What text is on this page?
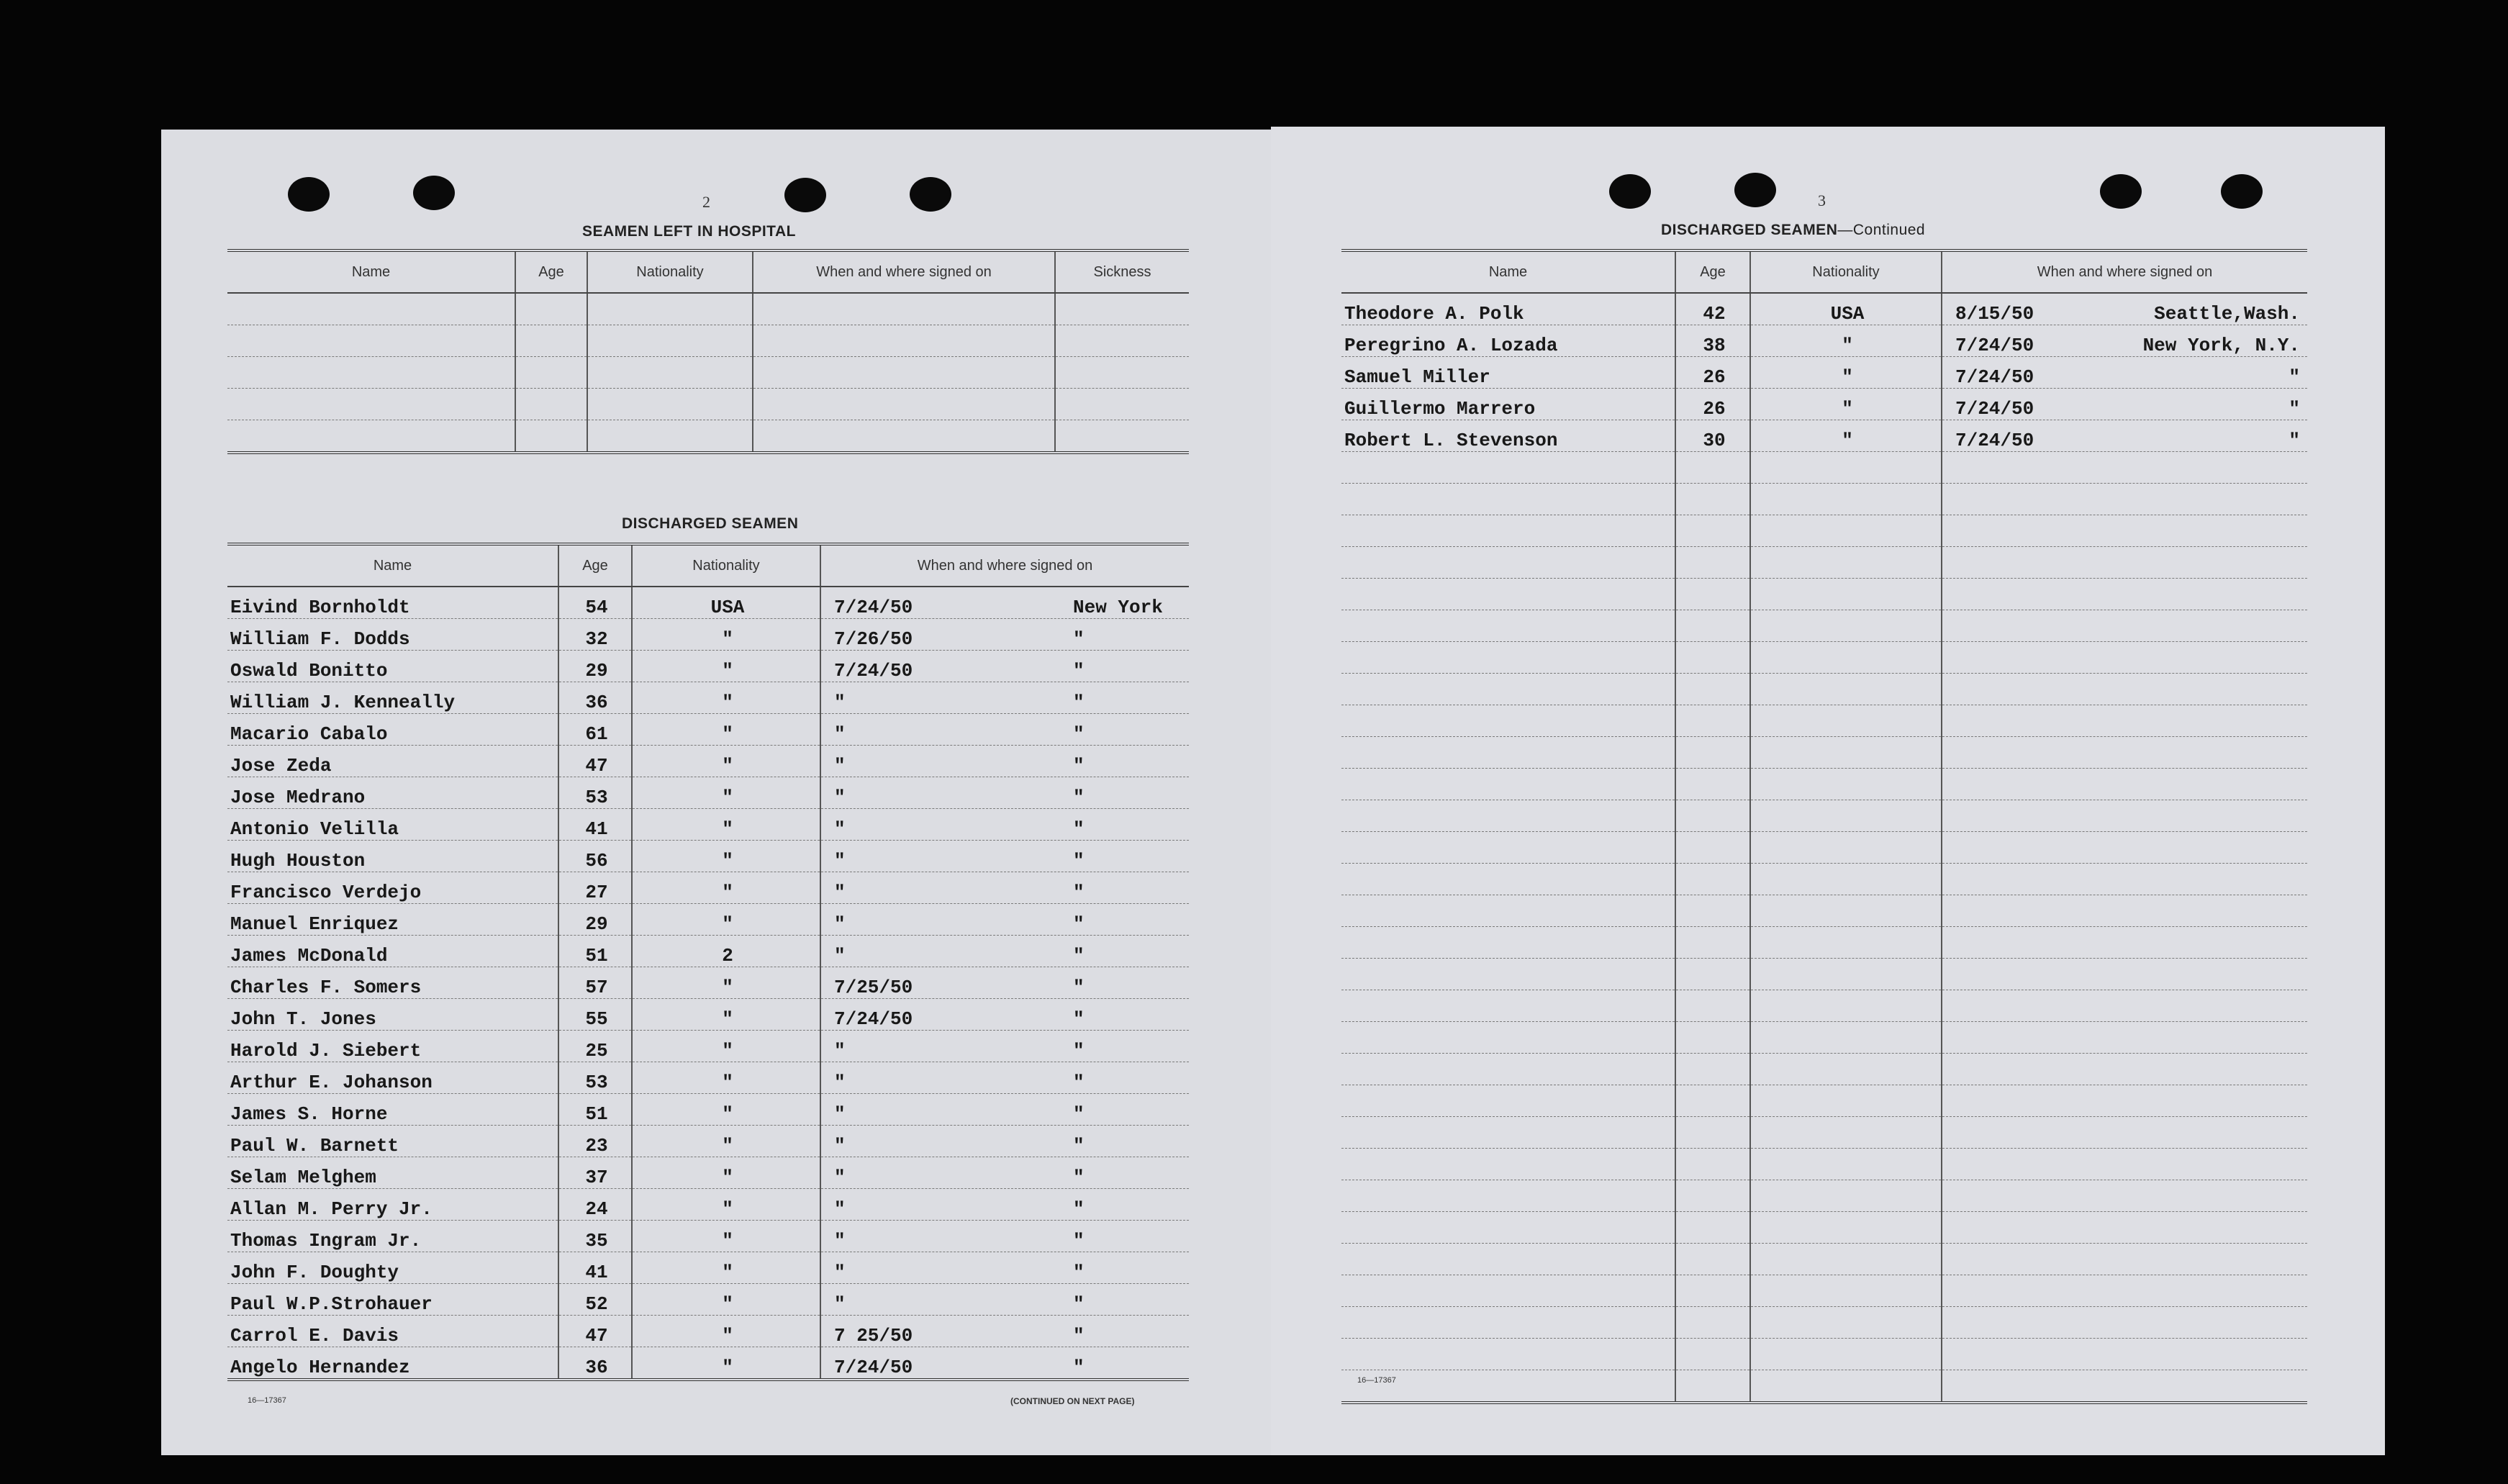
2
SEAMEN LEFT IN HOSPITAL
Name	Age	Nationality	When and where signed on	Sickness

DISCHARGED SEAMEN
Name	Age	Nationality	When and where signed on
Eivind Bornholdt	54	USA	7/24/50 New York

William F. Dodds	32	"	7/26/50 "

Oswald Bonitto	29	"	7/24/50 "

William J. Kenneally	36	"	" "

Macario Cabalo	61	"	" "

Jose Zeda	47	"	" "

Jose Medrano	53	"	" "

Antonio Velilla	41	"	" "

Hugh Houston	56	"	" "

Francisco Verdejo	27	"	" "

Manuel Enriquez	29	"	" "

James McDonald	51	2	" "

Charles F. Somers	57	"	7/25/50 "

John T. Jones	55	"	7/24/50 "

Harold J. Siebert	25	"	" "

Arthur E. Johanson	53	"	" "

James S. Horne	51	"	" "

Paul W. Barnett	23	"	" "

Selam Melghem	37	"	" "

Allan M. Perry Jr.	24	"	" "

Thomas Ingram Jr.	35	"	" "

John F. Doughty	41	"	" "

Paul W.P.Strohauer	52	"	" "

Carrol E. Davis	47	"	7 25/50 "

Angelo Hernandez	36	"	7/24/50 "
16—17367	(CONTINUED ON NEXT PAGE)
3
DISCHARGED SEAMEN—Continued
Name	Age	Nationality	When and where signed on
Theodore A. Polk	42	USA	8/15/50 Seattle,Wash.

Peregrino A. Lozada	38	"	7/24/50 New York, N.Y.

Samuel Miller	26	"	7/24/50 "

Guillermo Marrero	26	"	7/24/50 "

Robert L. Stevenson	30	"	7/24/50 "

16—17367
